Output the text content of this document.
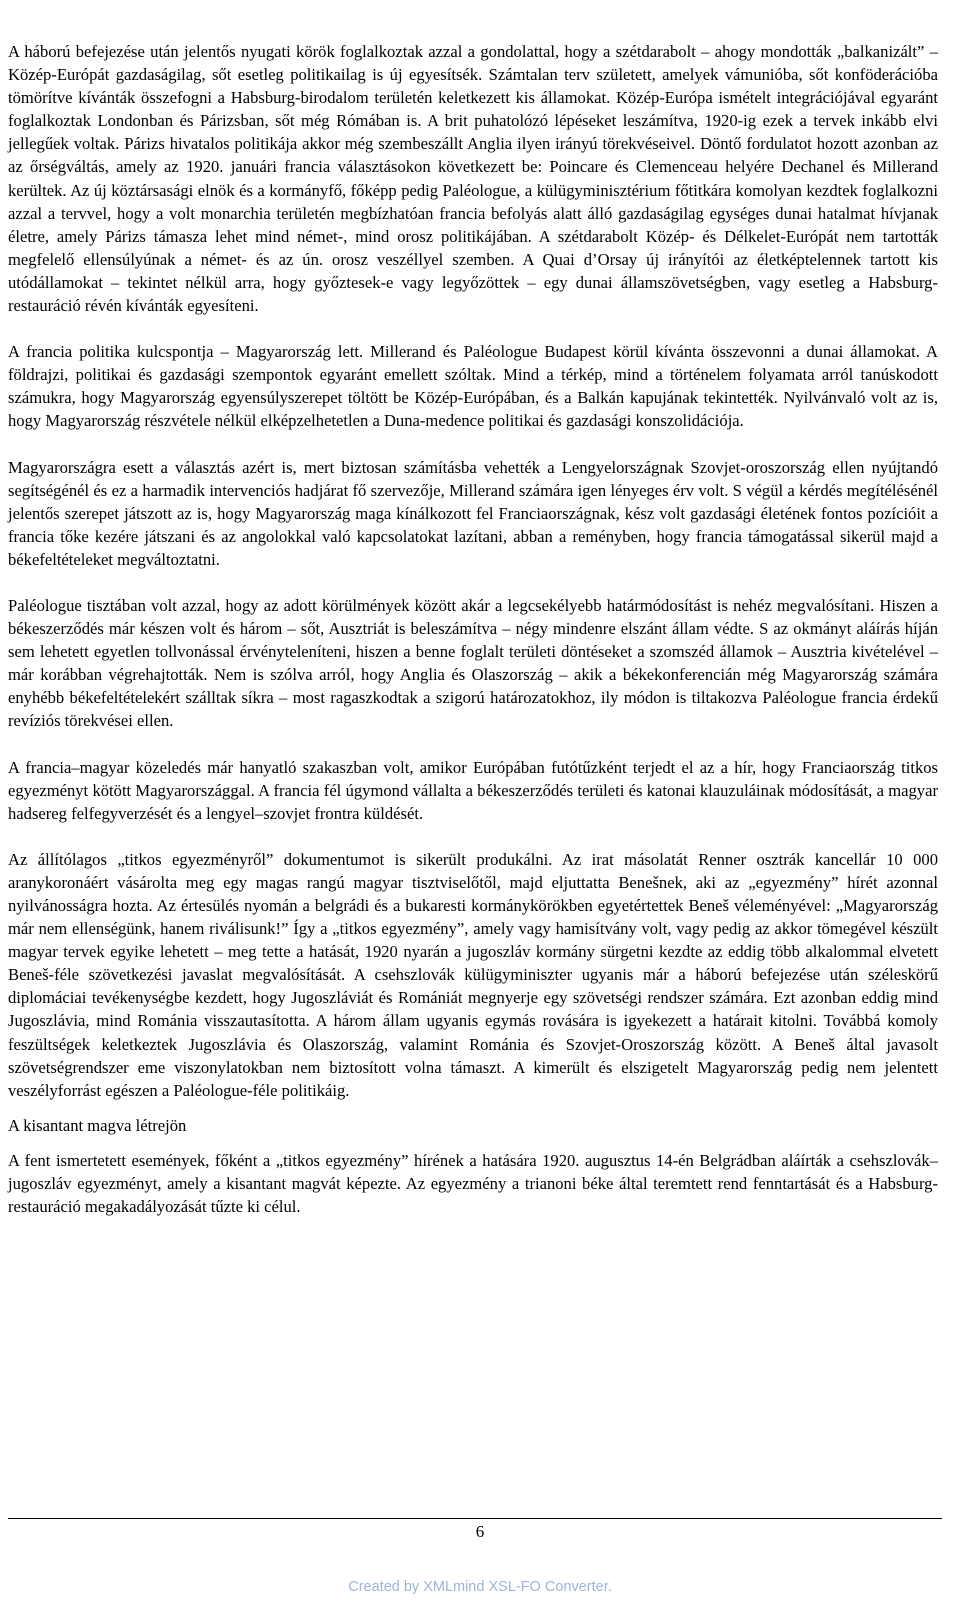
A háború befejezése után jelentős nyugati körök foglalkoztak azzal a gondolattal, hogy a szétdarabolt – ahogy mondották „balkanizált” – Közép-Európát gazdaságilag, sőt esetleg politikailag is új egyesítsék. Számtalan terv született, amelyek vámunióba, sőt konföderációba tömörítve kívánták összefogni a Habsburg-birodalom területén keletkezett kis államokat. Közép-Európa ismételt integrációjával egyaránt foglalkoztak Londonban és Párizsban, sőt még Rómában is. A brit puhatolózó lépéseket leszámítva, 1920-ig ezek a tervek inkább elvi jellegűek voltak. Párizs hivatalos politikája akkor még szembeszállt Anglia ilyen irányú törekvéseivel. Döntő fordulatot hozott azonban az az őrségváltás, amely az 1920. januári francia választásokon következett be: Poincare és Clemenceau helyére Dechanel és Millerand kerültek. Az új köztársasági elnök és a kormányfő, főképp pedig Paléologue, a külügyminisztérium főtitkára komolyan kezdtek foglalkozni azzal a tervvel, hogy a volt monarchia területén megbízhatóan francia befolyás alatt álló gazdaságilag egységes dunai hatalmat hívjanak életre, amely Párizs támasza lehet mind német-, mind orosz politikájában. A szétdarabolt Közép- és Délkelet-Európát nem tartották megfelelő ellensúlyúnak a német- és az ún. orosz veszéllyel szemben. A Quai d’Orsay új irányítói az életképtelennek tartott kis utódállamokat – tekintet nélkül arra, hogy győztesek-e vagy legyőzöttek – egy dunai államszövetségben, vagy esetleg a Habsburg-restauráció révén kívánták egyesíteni.

A francia politika kulcspontja – Magyarország lett. Millerand és Paléologue Budapest körül kívánta összevonni a dunai államokat. A földrajzi, politikai és gazdasági szempontok egyaránt emellett szóltak. Mind a térkép, mind a történelem folyamata arról tanúskodott számukra, hogy Magyarország egyensúlyszerepet töltött be Közép-Európában, és a Balkán kapujának tekintették. Nyilvánvaló volt az is, hogy Magyarország részvétele nélkül elképzelhetetlen a Duna-medence politikai és gazdasági konszolidációja.

Magyarországra esett a választás azért is, mert biztosan számításba vehették a Lengyelországnak Szovjet-oroszország ellen nyújtandó segítségénél és ez a harmadik intervenciós hadjárat fő szervezője, Millerand számára igen lényeges érv volt. S végül a kérdés megítélésénél jelentős szerepet játszott az is, hogy Magyarország maga kínálkozott fel Franciaországnak, kész volt gazdasági életének fontos pozícióit a francia tőke kezére játszani és az angolokkal való kapcsolatokat lazítani, abban a reményben, hogy francia támogatással sikerül majd a békefeltételeket megváltoztatni.

Paléologue tisztában volt azzal, hogy az adott körülmények között akár a legcsekélyebb határmódosítást is nehéz megvalósítani. Hiszen a békeszerződés már készen volt és három – sőt, Ausztriát is beleszámítva – négy mindenre elszánt állam védte. S az okmányt aláírás híján sem lehetett egyetlen tollvonással érvényteleníteni, hiszen a benne foglalt területi döntéseket a szomszéd államok – Ausztria kivételével – már korábban végrehajtották. Nem is szólva arról, hogy Anglia és Olaszország – akik a békekonferencián még Magyarország számára enyhébb békefeltételekért szálltak síkra – most ragaszkodtak a szigorú határozatokhoz, ily módon is tiltakozva Paléologue francia érdekű revíziós törekvései ellen.

A francia–magyar közeledés már hanyatló szakaszban volt, amikor Európában futótűzként terjedt el az a hír, hogy Franciaország titkos egyezményt kötött Magyarországgal. A francia fél úgymond vállalta a békeszerződés területi és katonai klauzuláinak módosítását, a magyar hadsereg felfegyverzését és a lengyel–szovjet frontra küldését.

Az állítólagos „titkos egyezményről” dokumentumot is sikerült produkálni. Az irat másolatát Renner osztrák kancellár 10 000 aranykoronáért vásárolta meg egy magas rangú magyar tisztviselőtől, majd eljuttatta Benešnek, aki az „egyezmény” hírét azonnal nyilvánosságra hozta. Az értesülés nyomán a belgrádi és a bukaresti kormánykörökben egyetértettek Beneš véleményével: „Magyarország már nem ellenségünk, hanem riválisunk!” Így a „titkos egyezmény”, amely vagy hamisítvány volt, vagy pedig az akkor tömegével készült magyar tervek egyike lehetett – meg tette a hatását, 1920 nyarán a jugoszláv kormány sürgetni kezdte az eddig több alkalommal elvetett Beneš-féle szövetkezési javaslat megvalósítását. A csehszlovák külügyminiszter ugyanis már a háború befejezése után széleskörű diplomáciai tevékenységbe kezdett, hogy Jugoszláviát és Romániát megnyerje egy szövetségi rendszer számára. Ezt azonban eddig mind Jugoszlávia, mind Románia visszautasította. A három állam ugyanis egymás rovására is igyekezett a határait kitolni. Továbbá komoly feszültségek keletkeztek Jugoszlávia és Olaszország, valamint Románia és Szovjet-Oroszország között. A Beneš által javasolt szövetségrendszer eme viszonylatokban nem biztosított volna támaszt. A kimerült és elszigetelt Magyarország pedig nem jelentett veszélyforrást egészen a Paléologue-féle politikáig.

A kisantant magva létrejön

A fent ismertetett események, főként a „titkos egyezmény” hírének a hatására 1920. augusztus 14-én Belgrádban aláírták a csehszlovák–jugoszláv egyezményt, amely a kisantant magvát képezte. Az egyezmény a trianoni béke által teremtett rend fenntartását és a Habsburg-restauráció megakadályozását tűzte ki célul.

6
Created by XMLmind XSL-FO Converter.
